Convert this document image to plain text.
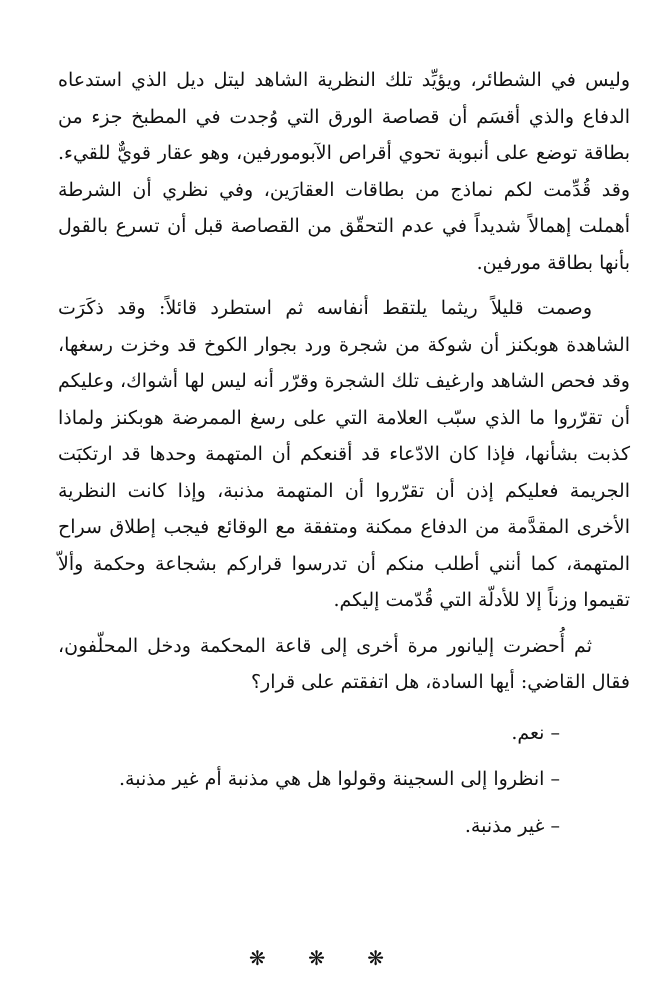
وليس في الشطائر، ويؤيِّد تلك النظرية الشاهد ليتل ديل الذي استدعاه الدفاع والذي أقسَم أن قصاصة الورق التي وُجدت في المطبخ جزء من بطاقة توضع على أنبوبة تحوي أقراص الآبومورفين، وهو عقار قويٌّ للقيء. وقد قُدِّمت لكم نماذج من بطاقات العقارَين، وفي نظري أن الشرطة أهملت إهمالاً شديداً في عدم التحقّق من القصاصة قبل أن تسرع بالقول بأنها بطاقة مورفين.

وصمت قليلاً ريثما يلتقط أنفاسه ثم استطرد قائلاً: وقد ذكَرَت الشاهدة هوبكنز أن شوكة من شجرة ورد بجوار الكوخ قد وخزت رسغها، وقد فحص الشاهد وارغيف تلك الشجرة وقرّر أنه ليس لها أشواك، وعليكم أن تقرّروا ما الذي سبّب العلامة التي على رسغ الممرضة هوبكنز ولماذا كذبت بشأنها، فإذا كان الادّعاء قد أقنعكم أن المتهمة وحدها قد ارتكبَت الجريمة فعليكم إذن أن تقرّروا أن المتهمة مذنبة، وإذا كانت النظرية الأخرى المقدَّمة من الدفاع ممكنة ومتفقة مع الوقائع فيجب إطلاق سراح المتهمة، كما أنني أطلب منكم أن تدرسوا قراركم بشجاعة وحكمة وألاّ تقيموا وزناً إلا للأدلّة التي قُدّمت إليكم.

ثم أُحضرت إليانور مرة أخرى إلى قاعة المحكمة ودخل المحلّفون، فقال القاضي: أيها السادة، هل اتفقتم على قرار؟

– نعم.

– انظروا إلى السجينة وقولوا هل هي مذنبة أم غير مذنبة.

– غير مذنبة.

❋ ❋ ❋
